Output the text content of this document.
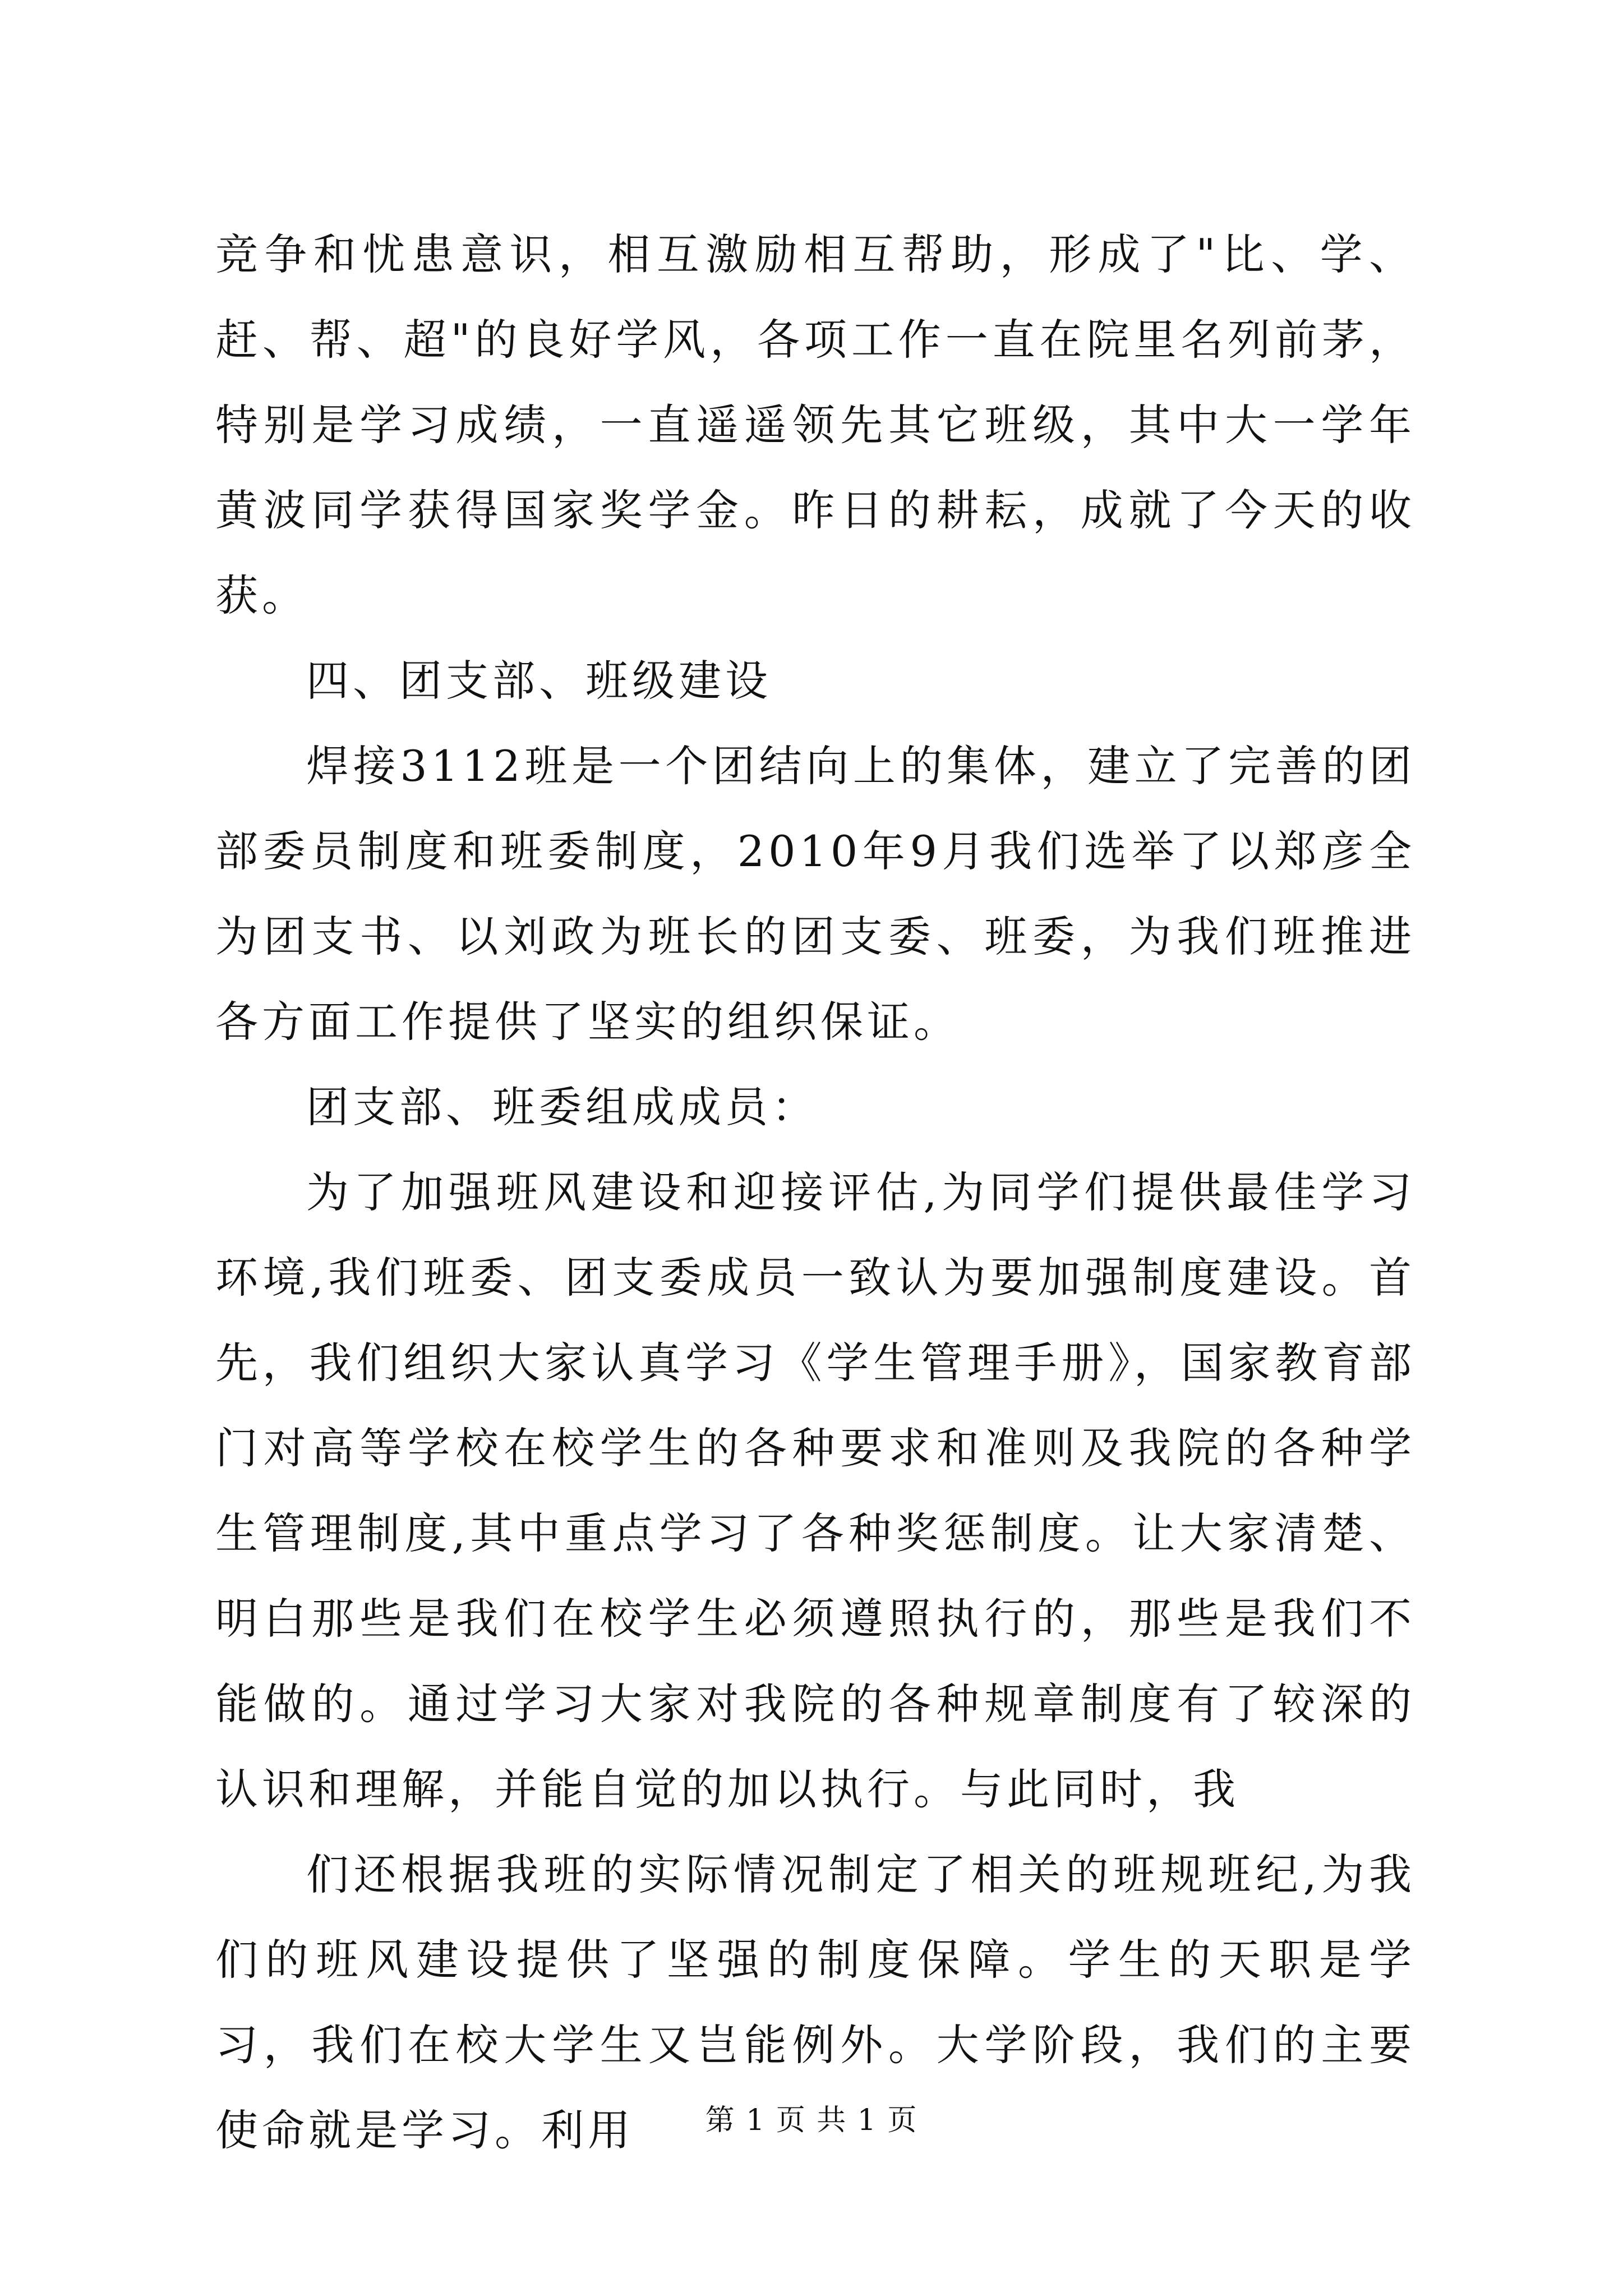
竞争和忧患意识，相互激励相互帮助，形成了"比、学、赶、帮、超"的良好学风，各项工作一直在院里名列前茅，特别是学习成绩，一直遥遥领先其它班级，其中大一学年黄波同学获得国家奖学金。昨日的耕耘，成就了今天的收获。

四、团支部、班级建设

焊接3112班是一个团结向上的集体，建立了完善的团部委员制度和班委制度，2010年9月我们选举了以郑彦全为团支书、以刘政为班长的团支委、班委，为我们班推进各方面工作提供了坚实的组织保证。

团支部、班委组成成员：

为了加强班风建设和迎接评估,为同学们提供最佳学习环境,我们班委、团支委成员一致认为要加强制度建设。首先，我们组织大家认真学习《学生管理手册》，国家教育部门对高等学校在校学生的各种要求和准则及我院的各种学生管理制度,其中重点学习了各种奖惩制度。让大家清楚、明白那些是我们在校学生必须遵照执行的，那些是我们不能做的。通过学习大家对我院的各种规章制度有了较深的认识和理解，并能自觉的加以执行。与此同时，我

们还根据我班的实际情况制定了相关的班规班纪,为我们的班风建设提供了坚强的制度保障。学生的天职是学习，我们在校大学生又岂能例外。大学阶段，我们的主要使命就是学习。利用	第 1 页 共 1 页
